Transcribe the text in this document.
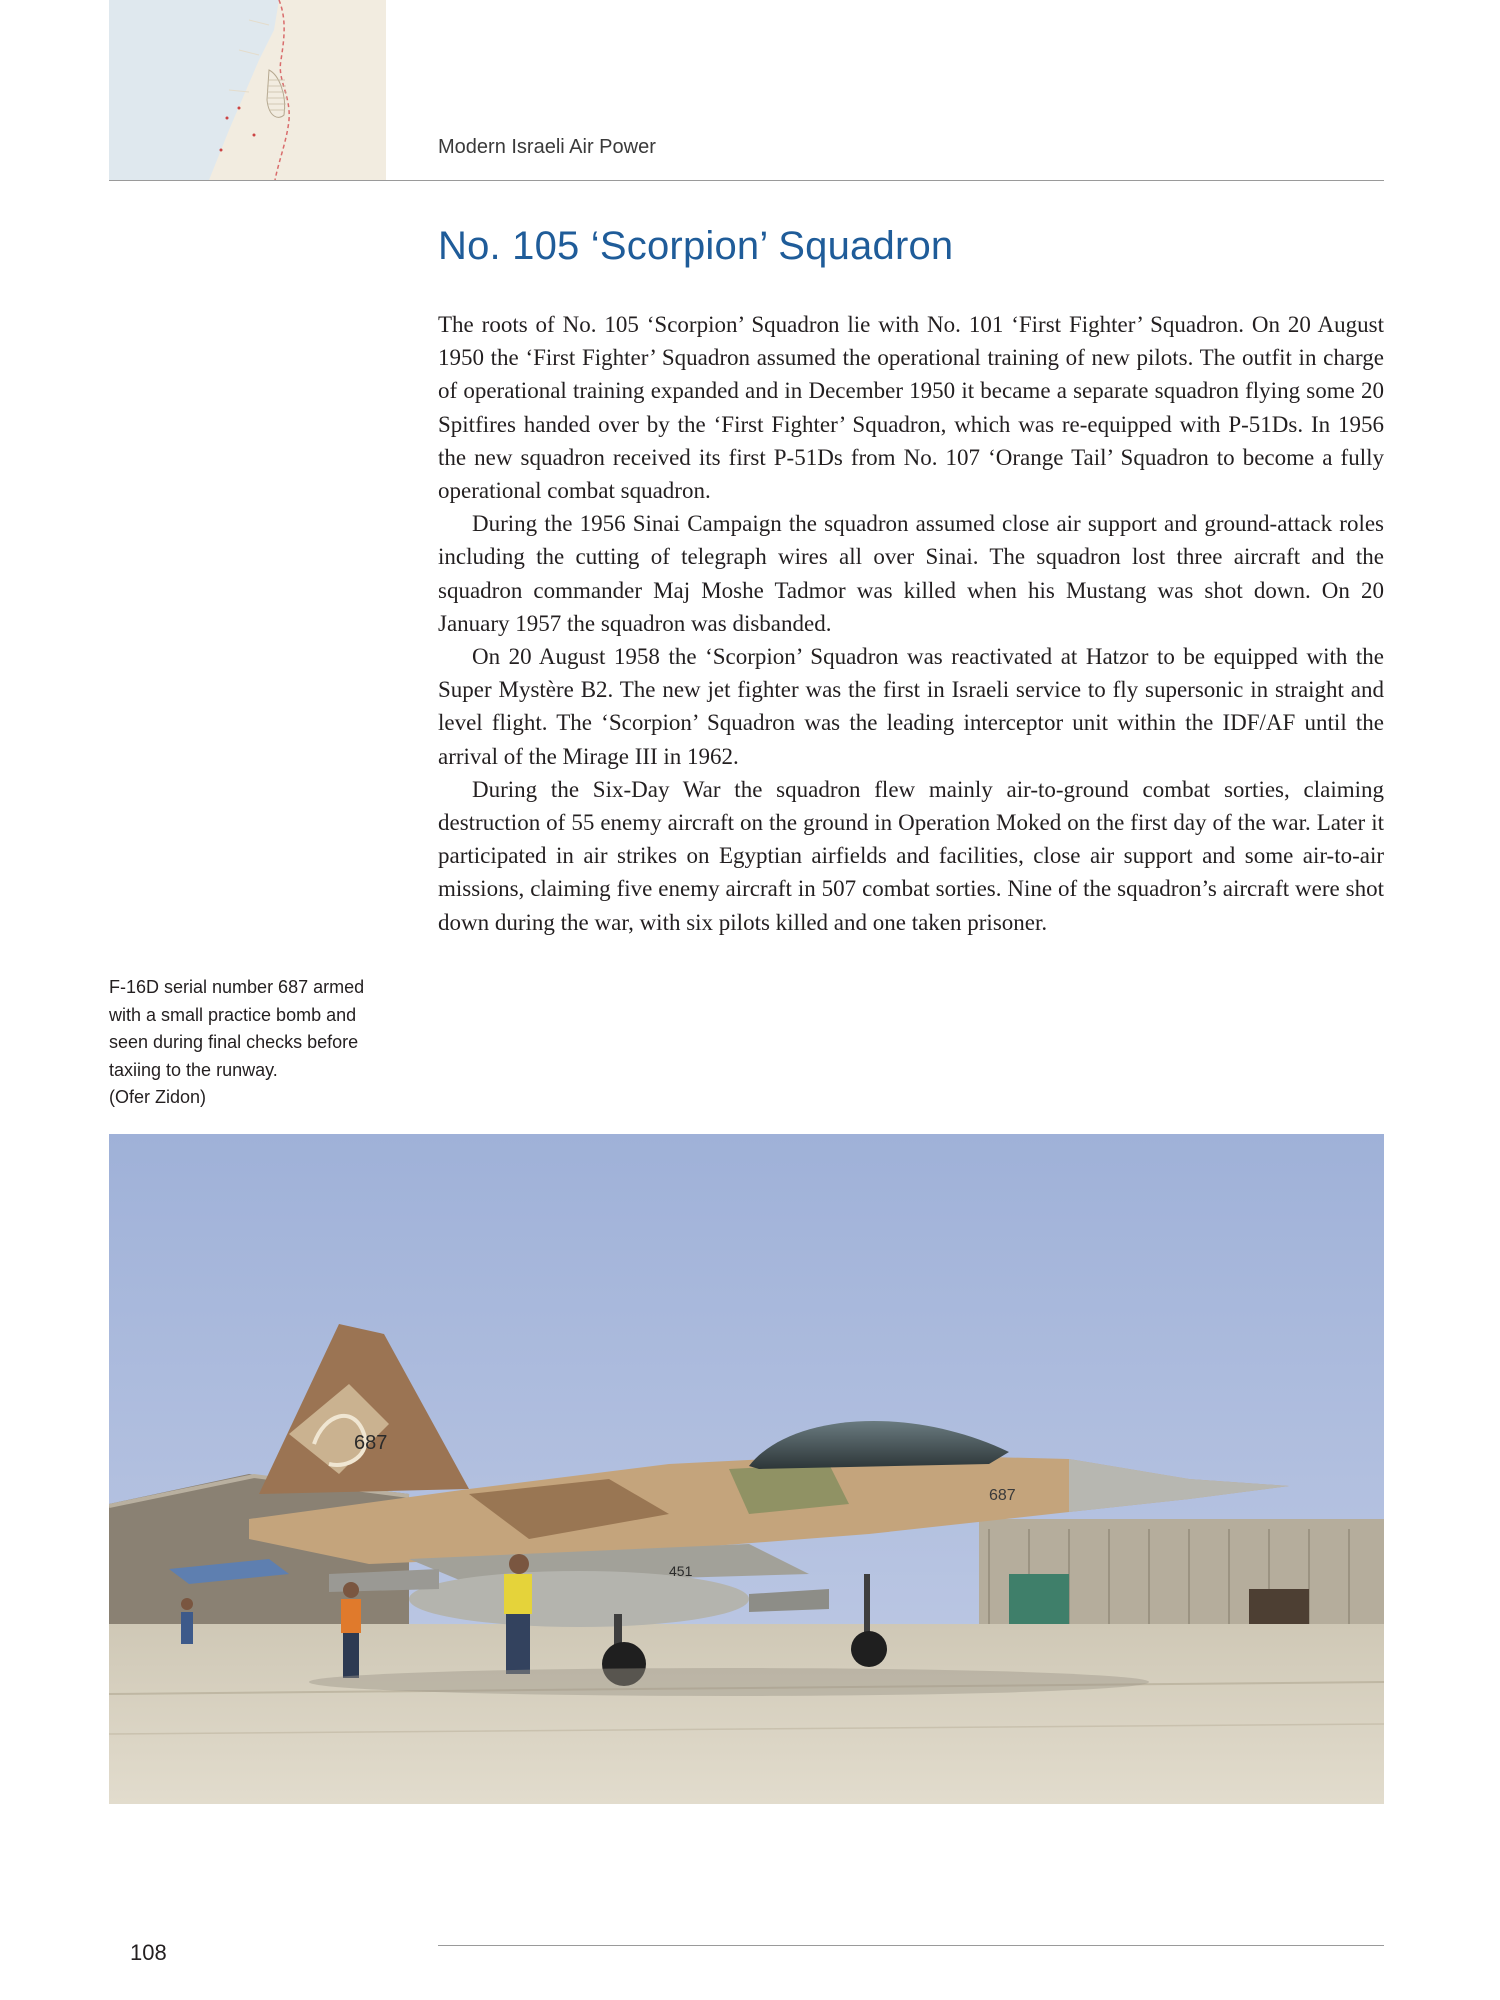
Modern Israeli Air Power
No. 105 ‘Scorpion’ Squadron

The roots of No. 105 ‘Scorpion’ Squadron lie with No. 101 ‘First Fighter’ Squadron. On 20 August 1950 the ‘First Fighter’ Squadron assumed the operational training of new pilots. The outfit in charge of operational training expanded and in December 1950 it became a separate squadron flying some 20 Spitfires handed over by the ‘First Fighter’ Squadron, which was re-equipped with P-51Ds. In 1956 the new squadron received its first P-51Ds from No. 107 ‘Orange Tail’ Squadron to become a fully operational combat squadron.

During the 1956 Sinai Campaign the squadron assumed close air support and ground-attack roles including the cutting of telegraph wires all over Sinai. The squadron lost three aircraft and the squadron commander Maj Moshe Tadmor was killed when his Mustang was shot down. On 20 January 1957 the squadron was disbanded.

On 20 August 1958 the ‘Scorpion’ Squadron was reactivated at Hatzor to be equipped with the Super Mystère B2. The new jet fighter was the first in Israeli service to fly supersonic in straight and level flight. The ‘Scorpion’ Squadron was the leading interceptor unit within the IDF/AF until the arrival of the Mirage III in 1962.

During the Six-Day War the squadron flew mainly air-to-ground combat sorties, claiming destruction of 55 enemy aircraft on the ground in Operation Moked on the first day of the war. Later it participated in air strikes on Egyptian airfields and facilities, close air support and some air-to-air missions, claiming five enemy aircraft in 507 combat sorties. Nine of the squadron’s aircraft were shot down during the war, with six pilots killed and one taken prisoner.

F-16D serial number 687 armed
with a small practice bomb and
seen during final checks before
taxiing to the runway.
(Ofer Zidon)
687
687
451
108
